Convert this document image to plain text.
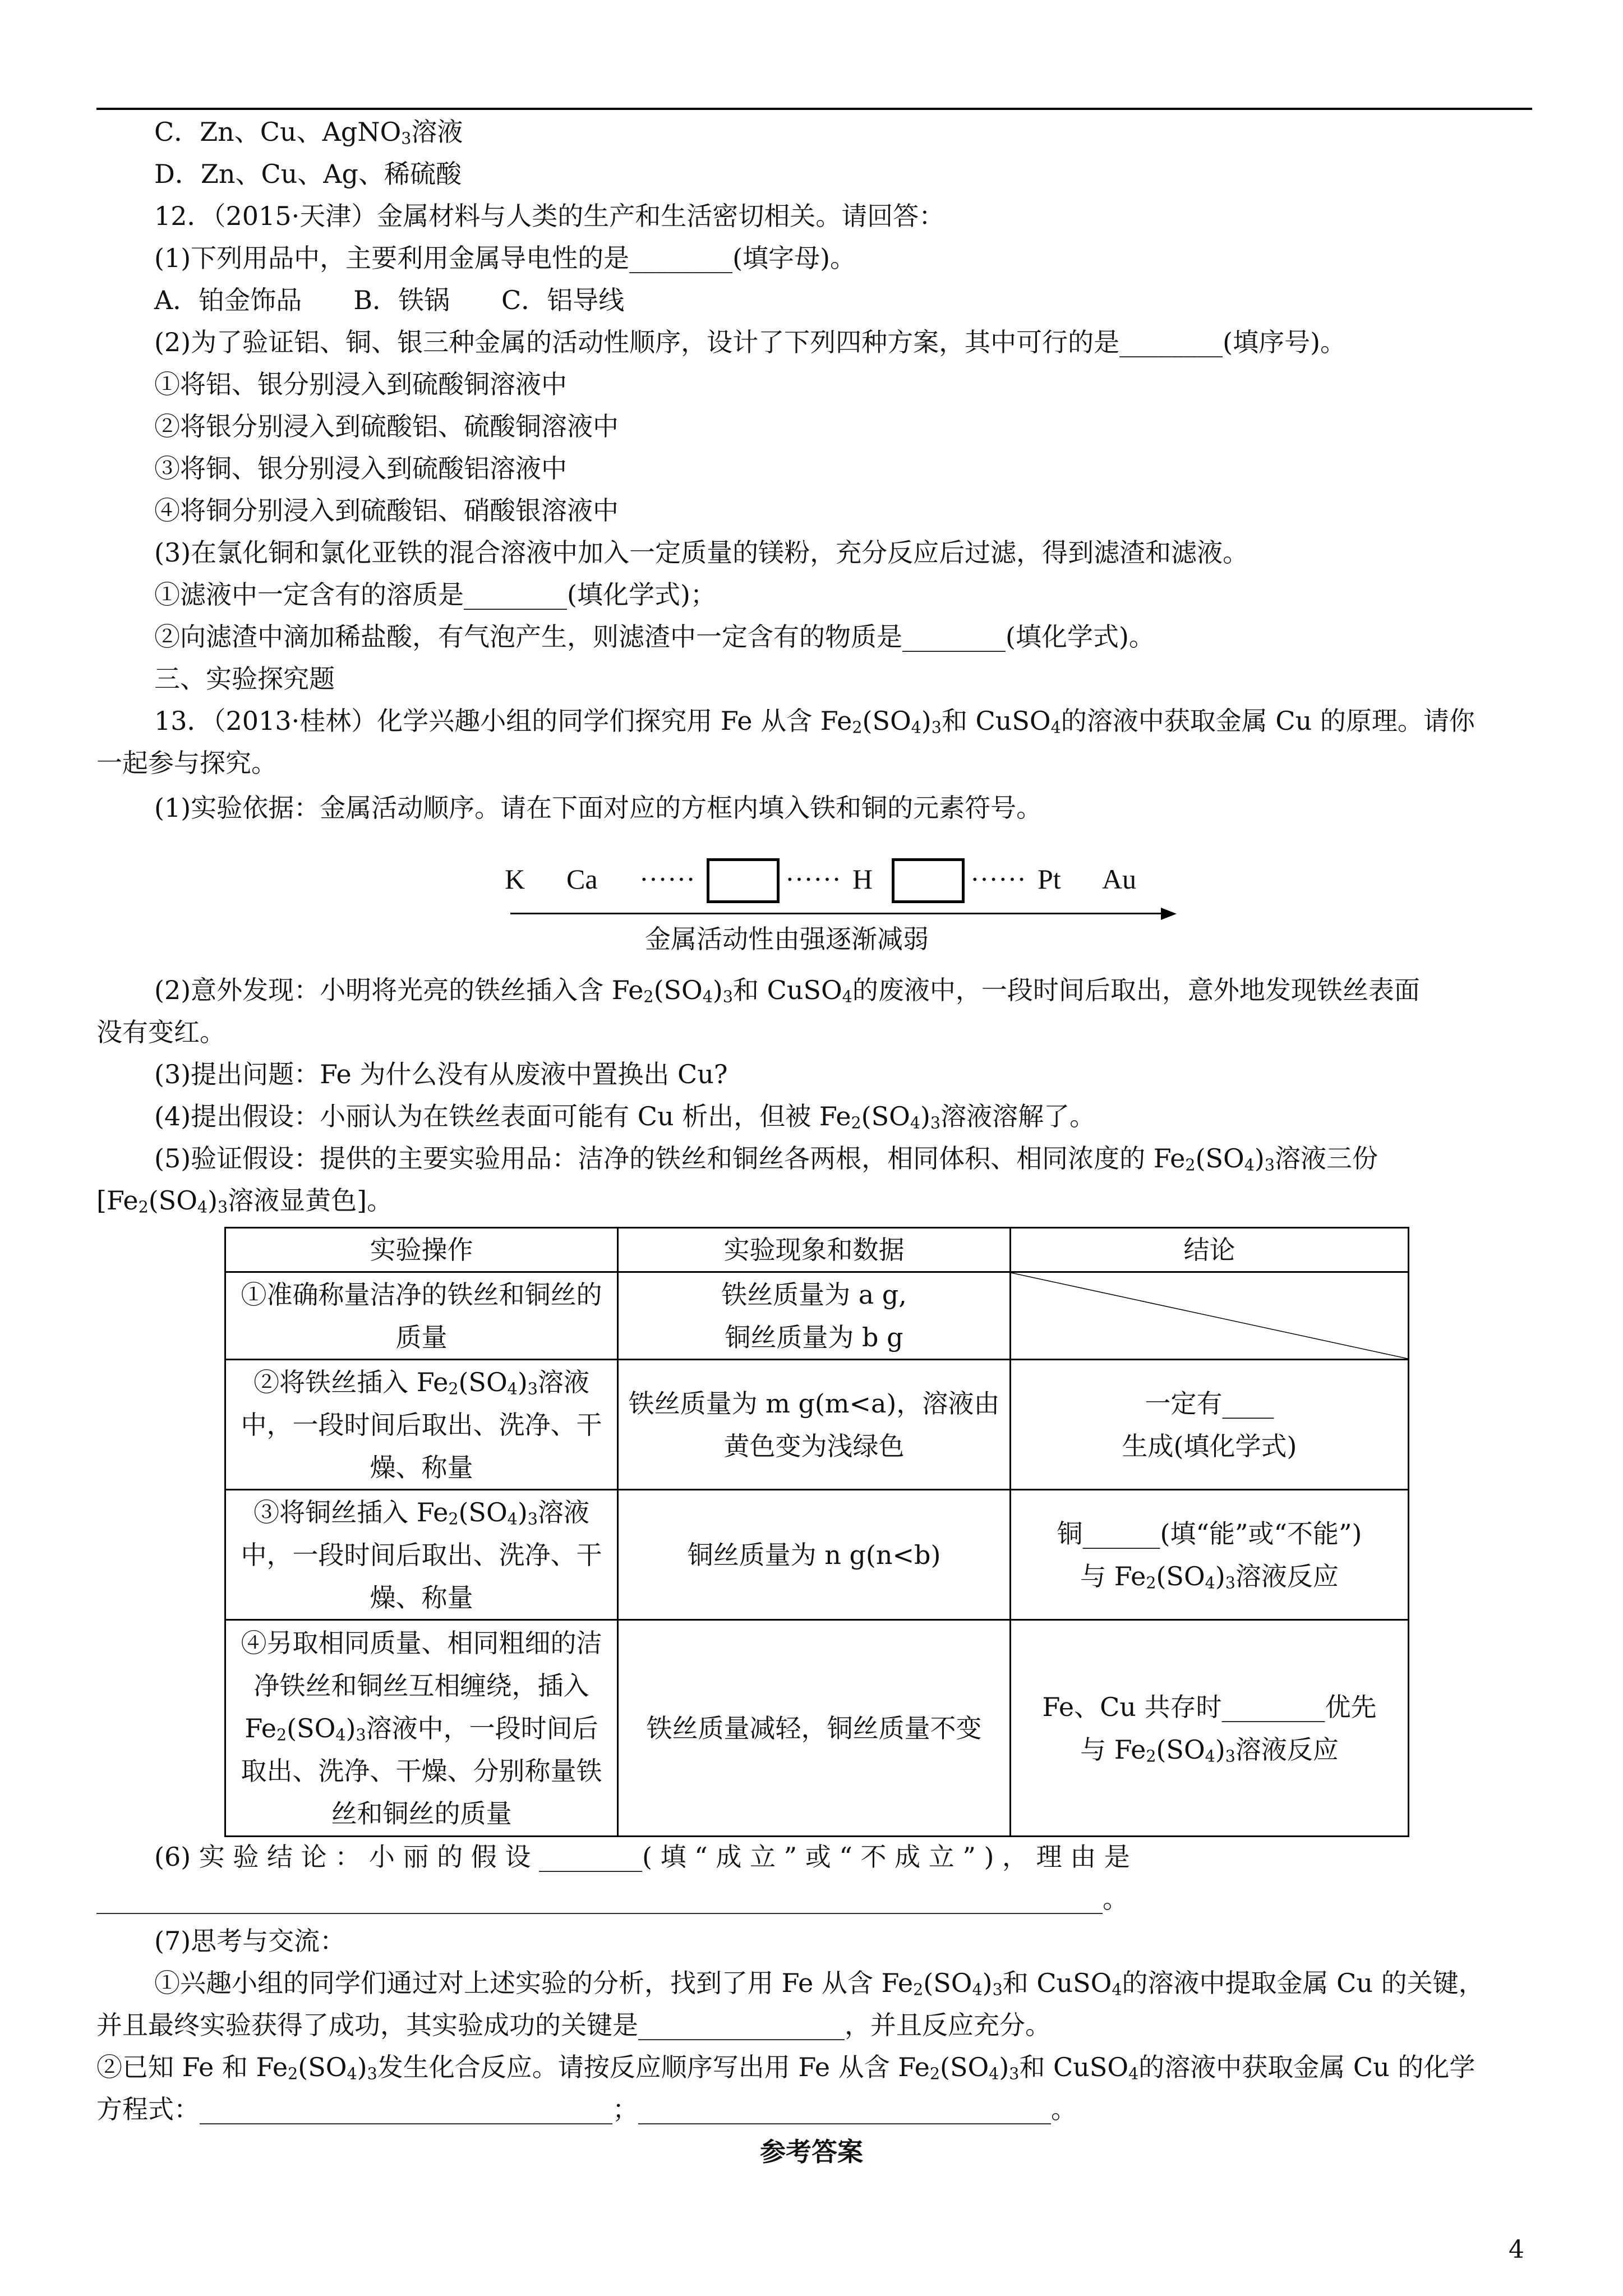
C．Zn、Cu、AgNO$_3$溶液
D．Zn、Cu、Ag、稀硫酸
12．（2015·天津）金属材料与人类的生产和生活密切相关。请回答：
(1)下列用品中，主要利用金属导电性的是________(填字母)。
A．铂金饰品　　B．铁锅　　C．铝导线
(2)为了验证铝、铜、银三种金属的活动性顺序，设计了下列四种方案，其中可行的是________(填序号)。
①将铝、银分别浸入到硫酸铜溶液中
②将银分别浸入到硫酸铝、硫酸铜溶液中
③将铜、银分别浸入到硫酸铝溶液中
④将铜分别浸入到硫酸铝、硝酸银溶液中
(3)在氯化铜和氯化亚铁的混合溶液中加入一定质量的镁粉，充分反应后过滤，得到滤渣和滤液。
①滤液中一定含有的溶质是________(填化学式)；
②向滤渣中滴加稀盐酸，有气泡产生，则滤渣中一定含有的物质是________(填化学式)。
三、实验探究题
13．（2013·桂林）化学兴趣小组的同学们探究用 Fe 从含 $Fe_2(SO_4)_3$和 CuSO$_4$的溶液中获取金属 Cu 的原理。请你
一起参与探究。
(1)实验依据：金属活动顺序。请在下面对应的方框内填入铁和铜的元素符号。
K Ca ······	······ H	······ Pt Au
金属活动性由强逐渐减弱
(2)意外发现：小明将光亮的铁丝插入含 $Fe_2(SO_4)_3$和 CuSO$_4$的废液中，一段时间后取出，意外地发现铁丝表面
没有变红。
(3)提出问题：Fe 为什么没有从废液中置换出 Cu?
(4)提出假设：小丽认为在铁丝表面可能有 Cu 析出，但被 $Fe_2(SO_4)_3$溶液溶解了。
(5)验证假设：提供的主要实验用品：洁净的铁丝和铜丝各两根，相同体积、相同浓度的 $Fe_2(SO_4)_3$溶液三份
[$Fe_2(SO_4)_3$溶液显黄色]。
实验操作	实验现象和数据	结论
①准确称量洁净的铁丝和铜丝的质量	铁丝质量为 a g,
铜丝质量为 b g	

②将铁丝插入 $Fe_2(SO_4)_3$溶液中，一段时间后取出、洗净、干燥、称量	铁丝质量为 m g(m<a)，溶液由黄色变为浅绿色	一定有____
生成(填化学式)
③将铜丝插入 $Fe_2(SO_4)_3$溶液中，一段时间后取出、洗净、干燥、称量	铜丝质量为 n g(n<b)	铜______(填“能”或“不能”)
与 $Fe_2(SO_4)_3$溶液反应
④另取相同质量、相同粗细的洁净铁丝和铜丝互相缠绕，插入 $Fe_2(SO_4)_3$溶液中，一段时间后取出、洗净、干燥、分别称量铁丝和铜丝的质量	铁丝质量减轻，铜丝质量不变	Fe、Cu 共存时________优先
与 $Fe_2(SO_4)_3$溶液反应
(6) 实 验 结 论 ： 小 丽 的 假 设 ________( 填 “ 成 立 ” 或 “ 不 成 立 ” ) ， 理 由 是
______________________________________________________________________________。
(7)思考与交流：
①兴趣小组的同学们通过对上述实验的分析，找到了用 Fe 从含 $Fe_2(SO_4)_3$和 CuSO$_4$的溶液中提取金属 Cu 的关键，
并且最终实验获得了成功，其实验成功的关键是________________，并且反应充分。
②已知 Fe 和 $Fe_2(SO_4)_3$发生化合反应。请按反应顺序写出用 Fe 从含 $Fe_2(SO_4)_3$和 CuSO$_4$的溶液中获取金属 Cu 的化学
方程式：________________________________；________________________________。
参考答案
4
